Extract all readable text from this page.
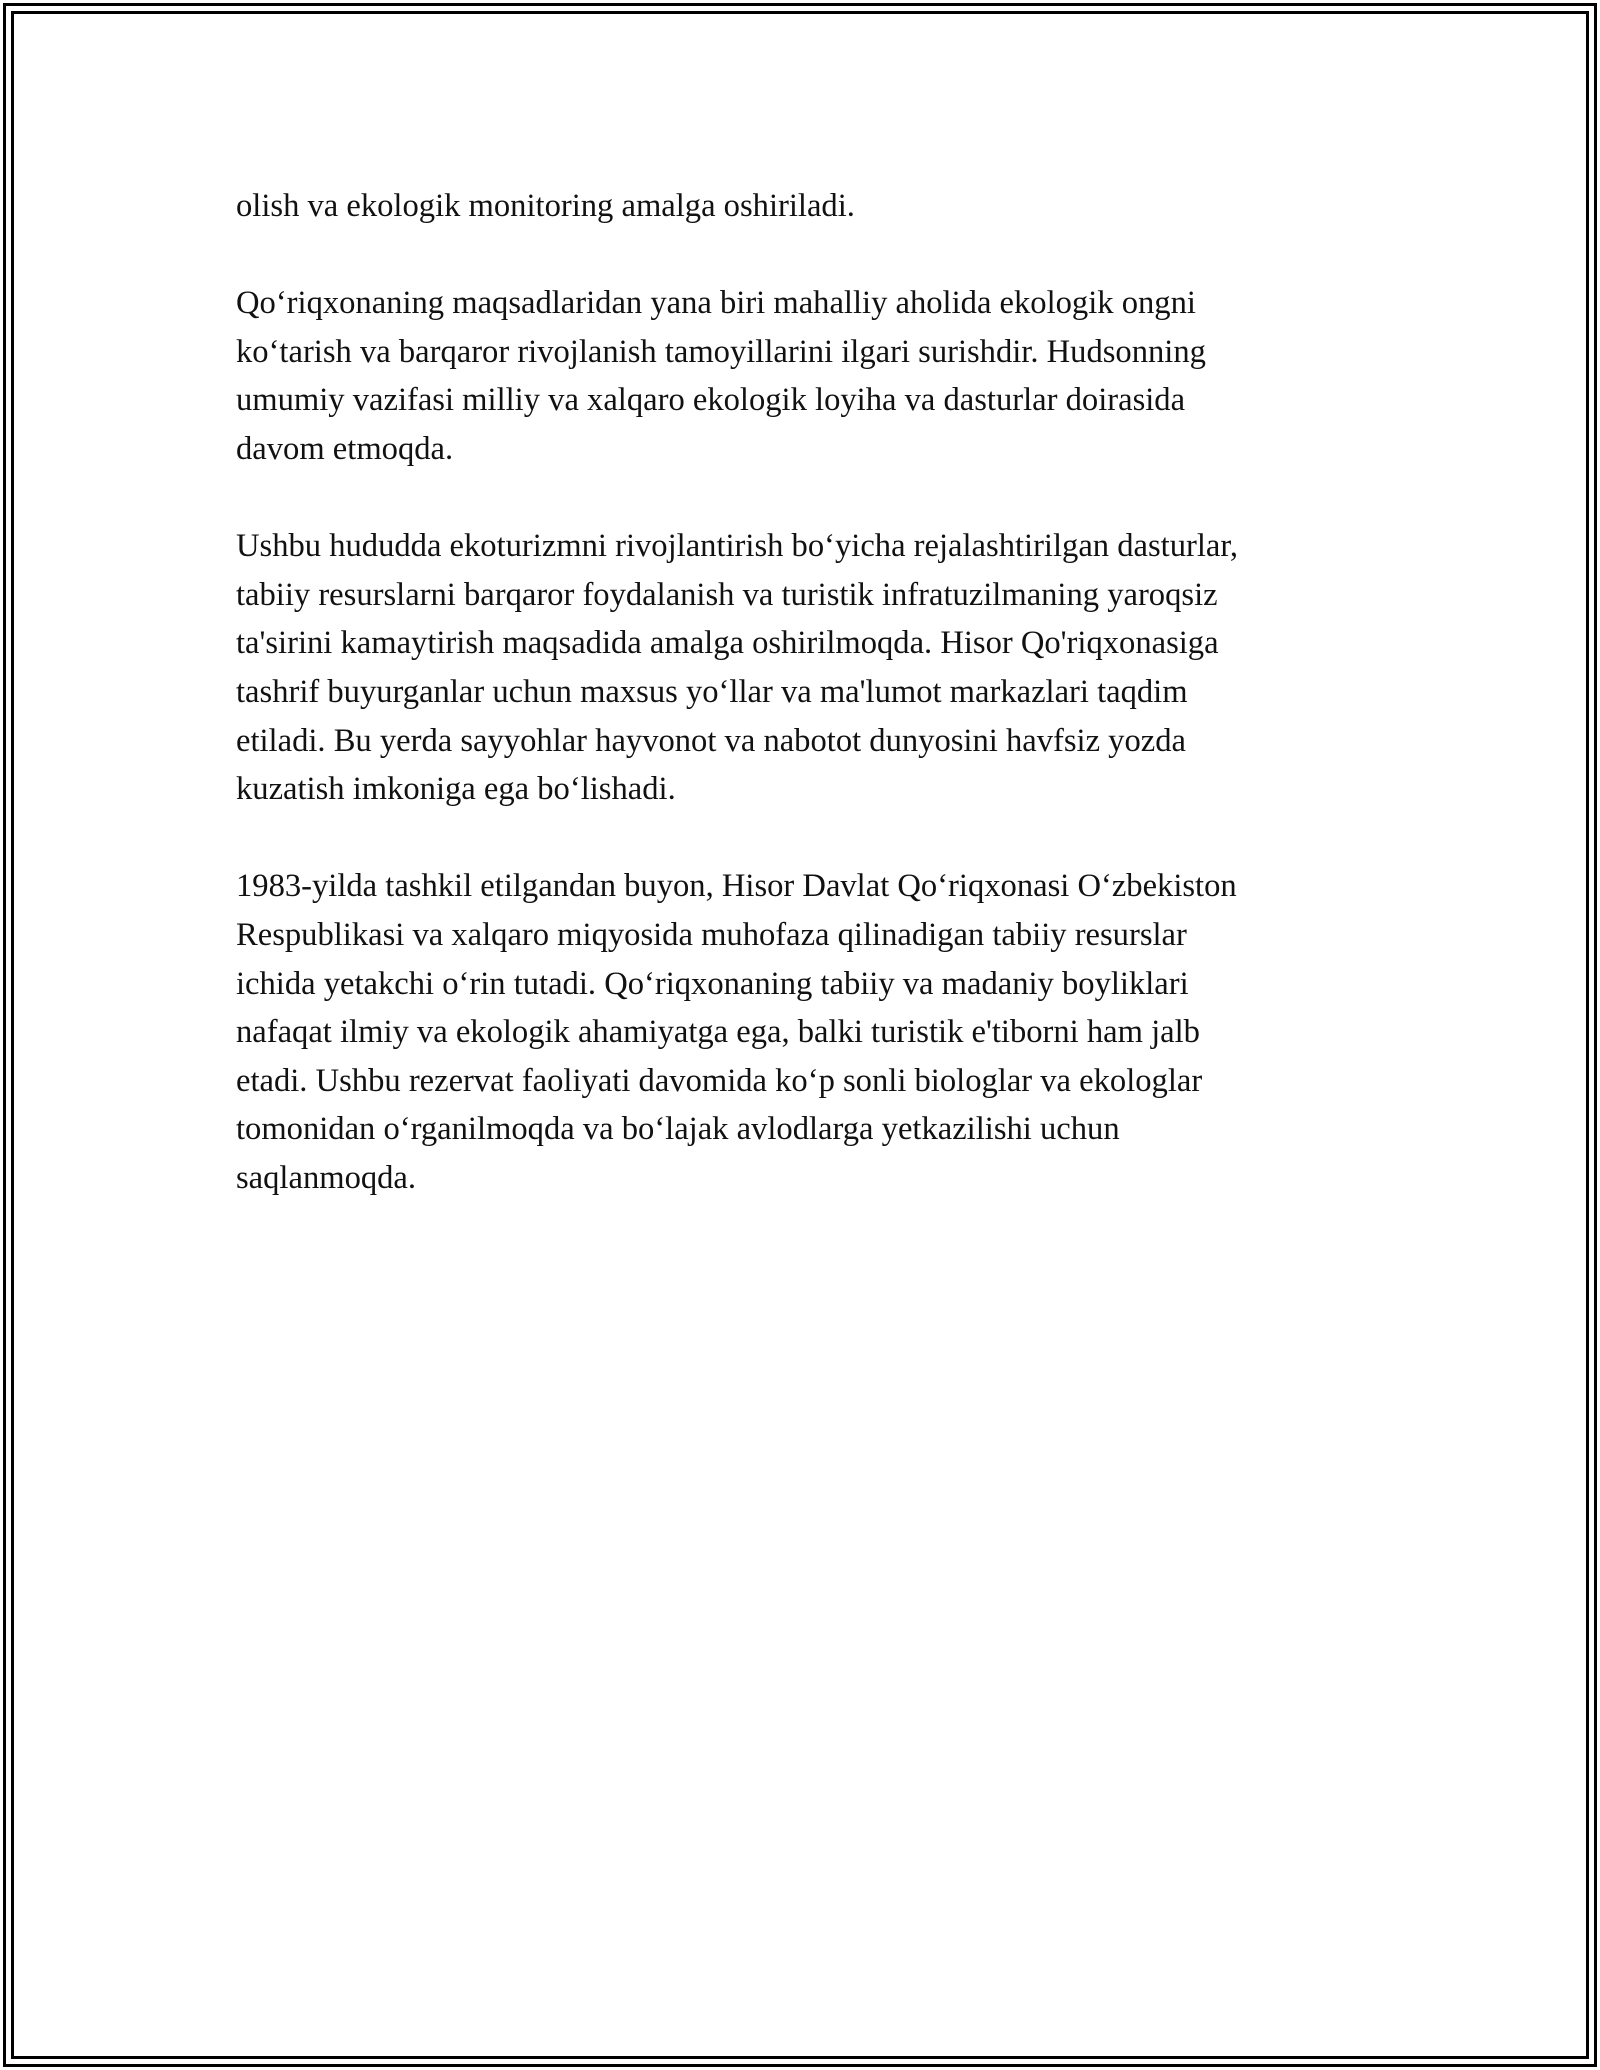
olish va ekologik monitoring amalga oshiriladi.

Qo‘riqxonaning maqsadlaridan yana biri mahalliy aholida ekologik ongni
ko‘tarish va barqaror rivojlanish tamoyillarini ilgari surishdir. Hudsonning
umumiy vazifasi milliy va xalqaro ekologik loyiha va dasturlar doirasida
davom etmoqda.

Ushbu hududda ekoturizmni rivojlantirish bo‘yicha rejalashtirilgan dasturlar,
tabiiy resurslarni barqaror foydalanish va turistik infratuzilmaning yaroqsiz
ta'sirini kamaytirish maqsadida amalga oshirilmoqda. Hisor Qo'riqxonasiga
tashrif buyurganlar uchun maxsus yo‘llar va ma'lumot markazlari taqdim
etiladi. Bu yerda sayyohlar hayvonot va nabotot dunyosini havfsiz yozda
kuzatish imkoniga ega bo‘lishadi.

1983-yilda tashkil etilgandan buyon, Hisor Davlat Qo‘riqxonasi O‘zbekiston
Respublikasi va xalqaro miqyosida muhofaza qilinadigan tabiiy resurslar
ichida yetakchi o‘rin tutadi. Qo‘riqxonaning tabiiy va madaniy boyliklari
nafaqat ilmiy va ekologik ahamiyatga ega, balki turistik e'tiborni ham jalb
etadi. Ushbu rezervat faoliyati davomida ko‘p sonli biologlar va ekologlar
tomonidan o‘rganilmoqda va bo‘lajak avlodlarga yetkazilishi uchun
saqlanmoqda.
